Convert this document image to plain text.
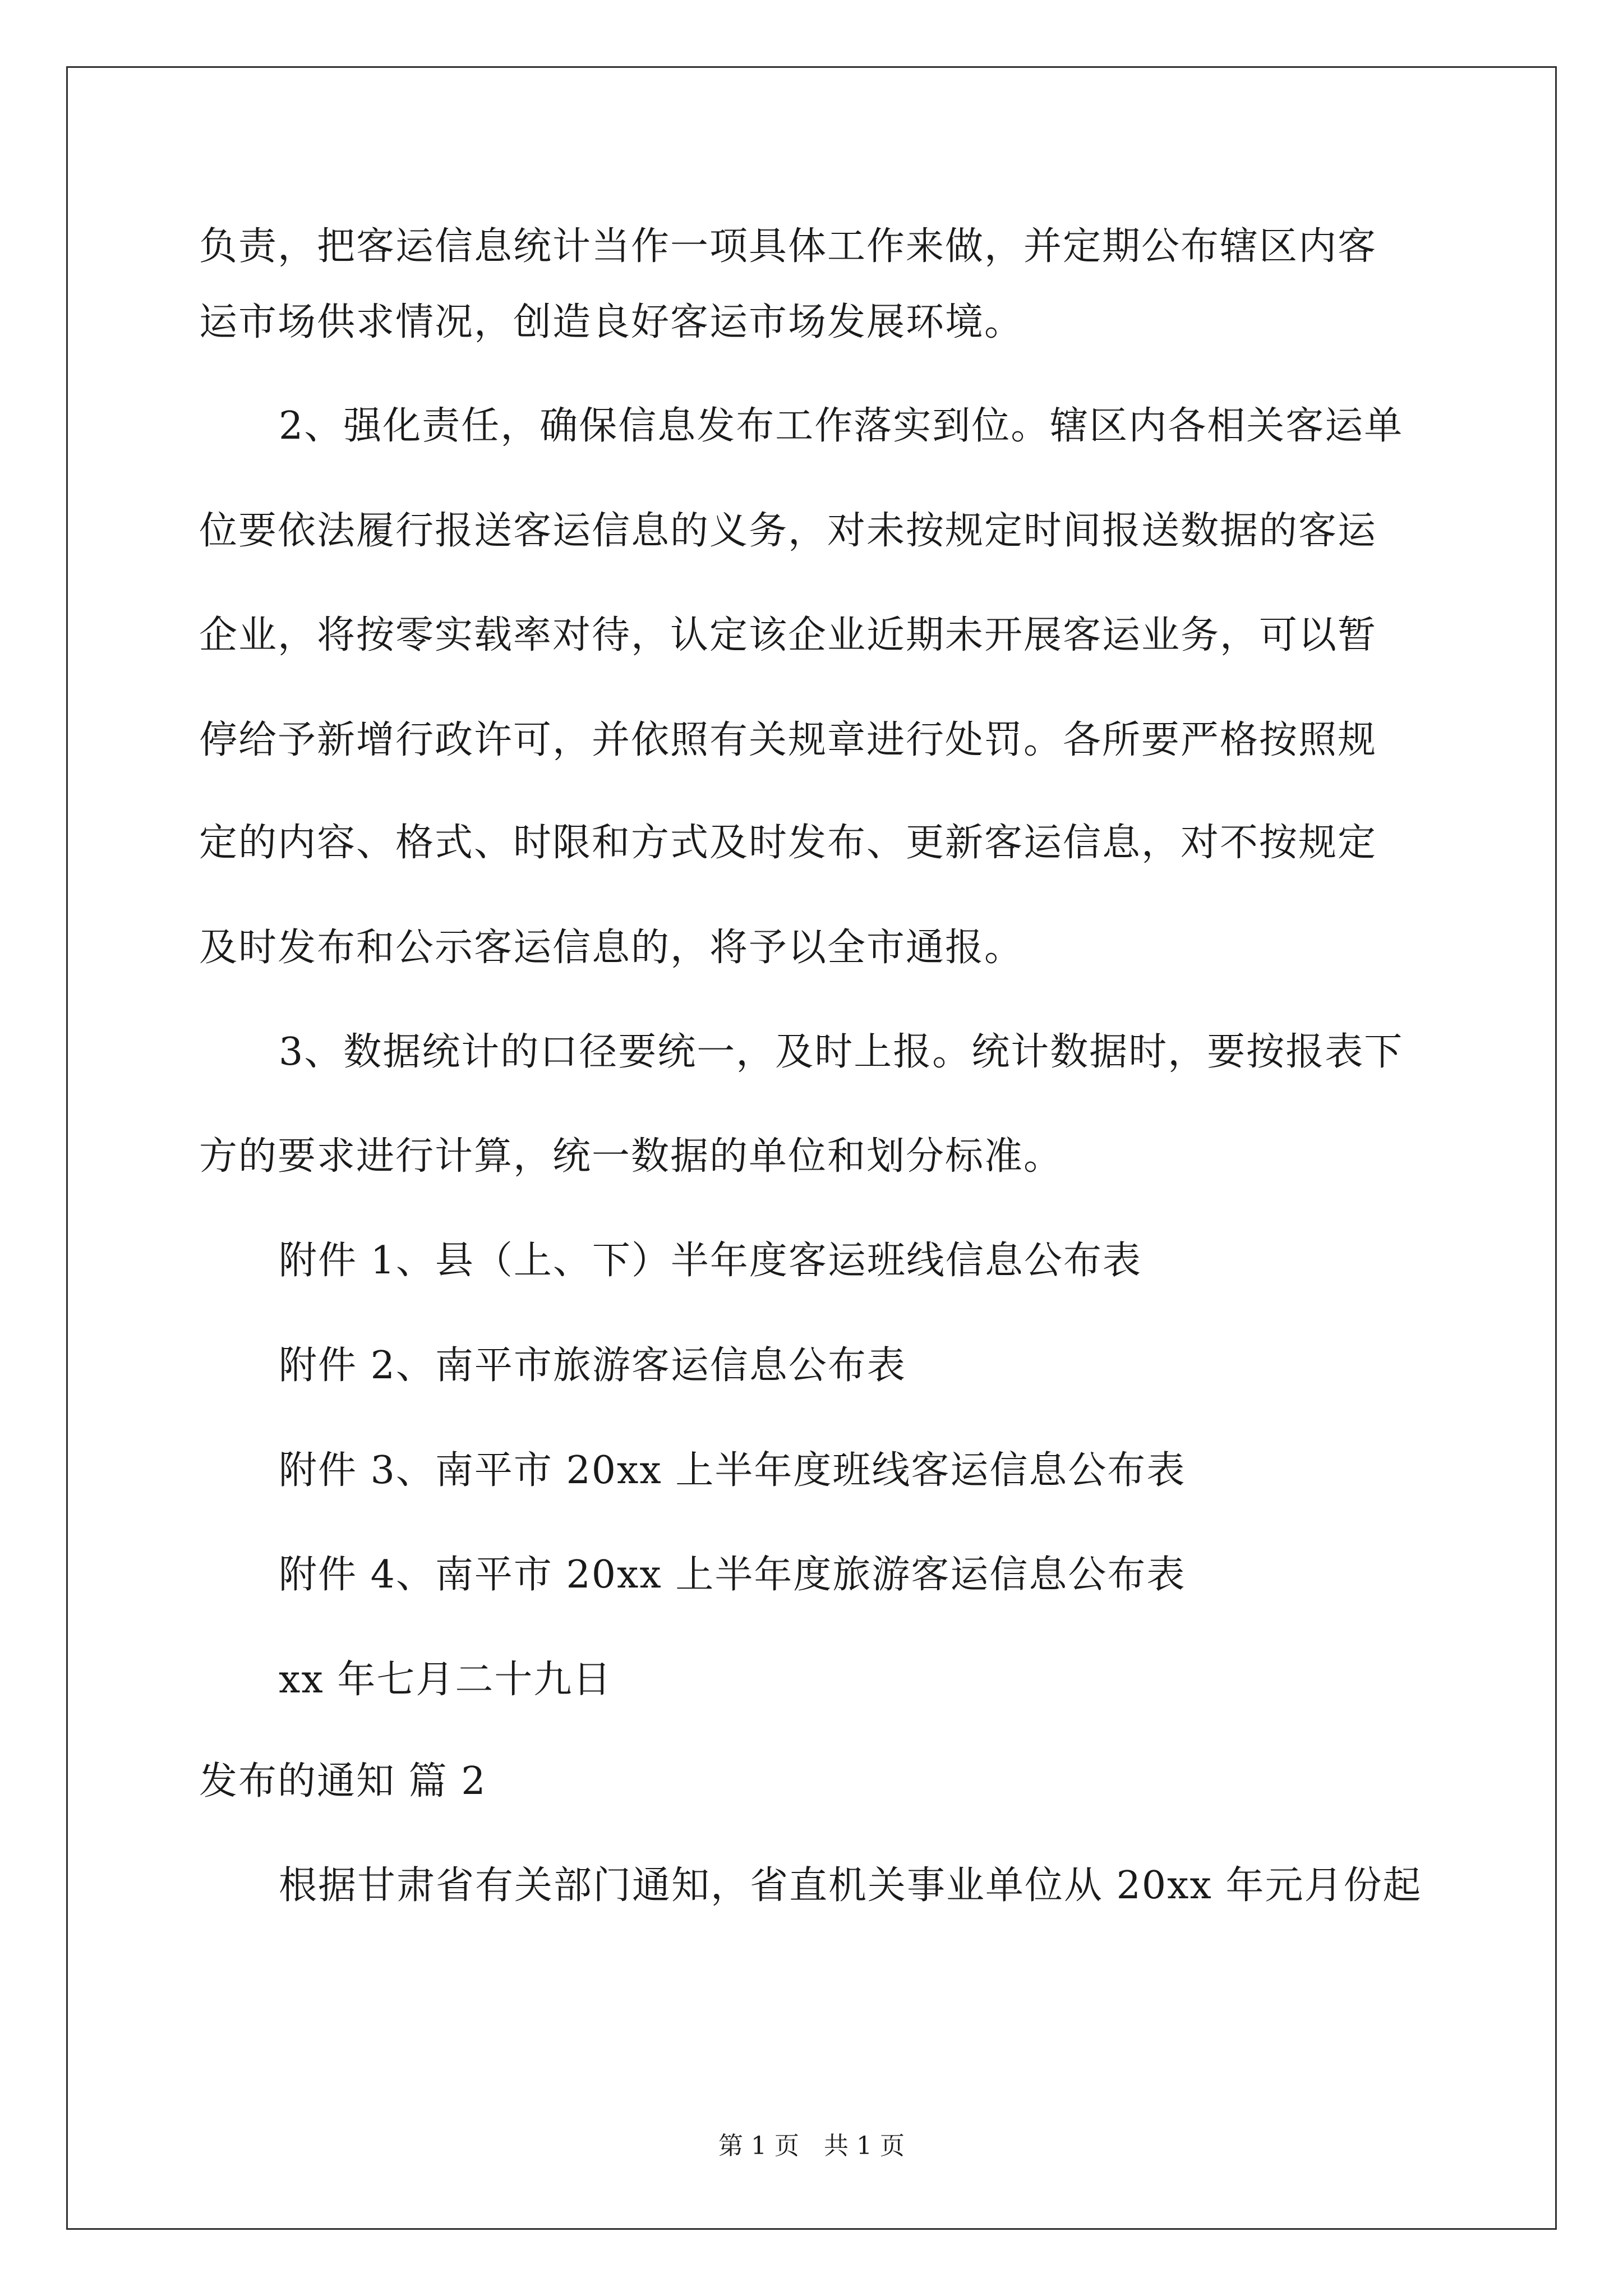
负责，把客运信息统计当作一项具体工作来做，并定期公布辖区内客
运市场供求情况，创造良好客运市场发展环境。
2、强化责任，确保信息发布工作落实到位。辖区内各相关客运单
位要依法履行报送客运信息的义务，对未按规定时间报送数据的客运
企业，将按零实载率对待，认定该企业近期未开展客运业务，可以暂
停给予新增行政许可，并依照有关规章进行处罚。各所要严格按照规
定的内容、格式、时限和方式及时发布、更新客运信息，对不按规定
及时发布和公示客运信息的，将予以全市通报。
3、数据统计的口径要统一，及时上报。统计数据时，要按报表下
方的要求进行计算，统一数据的单位和划分标准。
附件 1、县（上、下）半年度客运班线信息公布表
附件 2、南平市旅游客运信息公布表
附件 3、南平市 20xx 上半年度班线客运信息公布表
附件 4、南平市 20xx 上半年度旅游客运信息公布表
xx 年七月二十九日
发布的通知 篇 2
根据甘肃省有关部门通知，省直机关事业单位从 20xx 年元月份起
第 1 页　共 1 页
